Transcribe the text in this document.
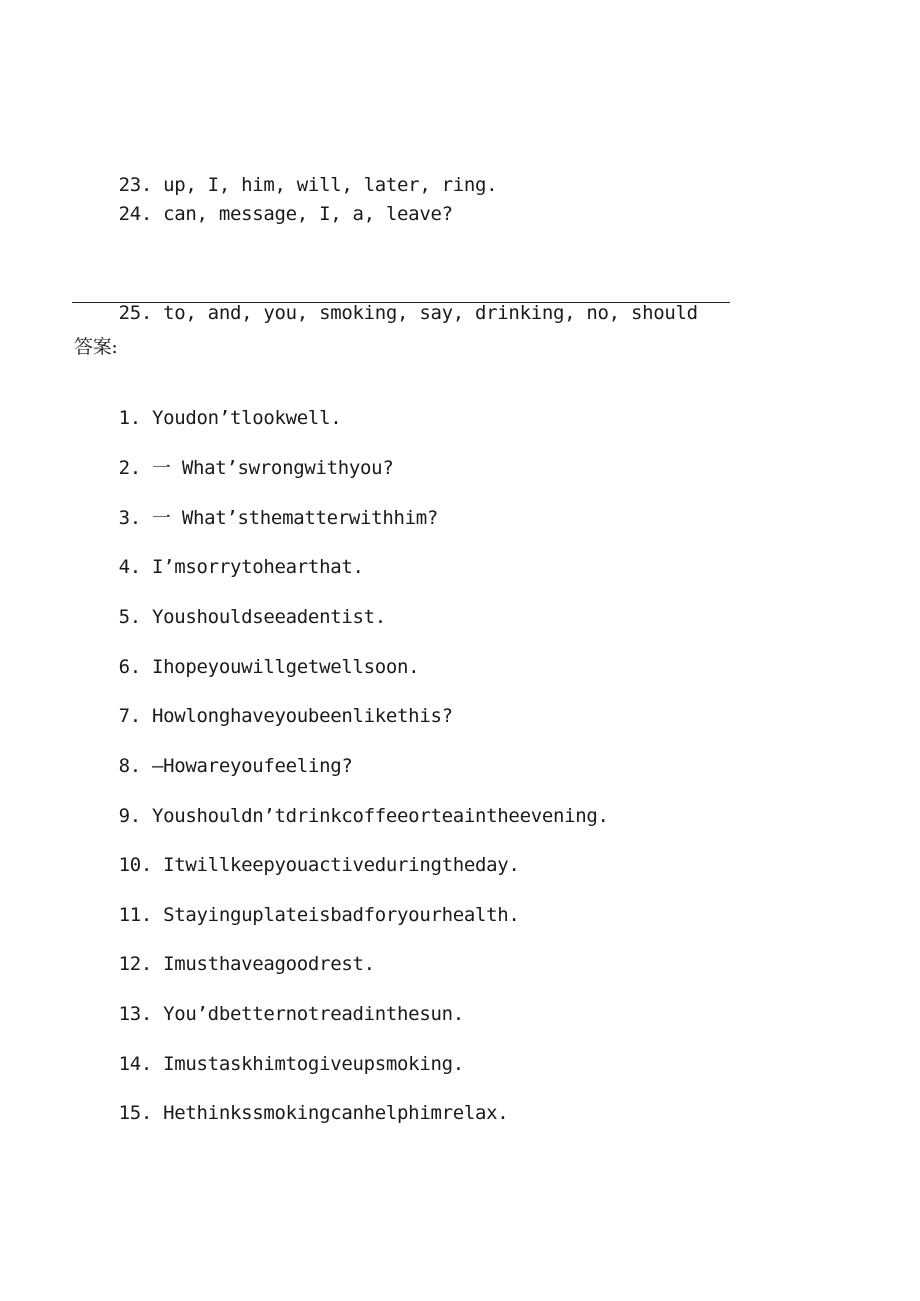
23. up, I, him, will, later, ring.

24. can, message, I, a, leave?

25. to, and, you, smoking, say, drinking, no, should

答案:

1. Youdon’tlookwell.

2. 一 What’swrongwithyou?

3. 一 What’sthematterwithhim?

4. I’msorrytohearthat.

5. Youshouldseeadentist.

6. Ihopeyouwillgetwellsoon.

7. Howlonghaveyoubeenlikethis?

8. —Howareyoufeeling?

9. Youshouldn’tdrinkcoffeeorteaintheevening.

10. Itwillkeepyouactiveduringtheday.

11. Stayinguplateisbadforyourhealth.

12. Imusthaveagoodrest.

13. You’dbetternotreadinthesun.

14. Imustaskhimtogiveupsmoking.

15. Hethinkssmokingcanhelphimrelax.
